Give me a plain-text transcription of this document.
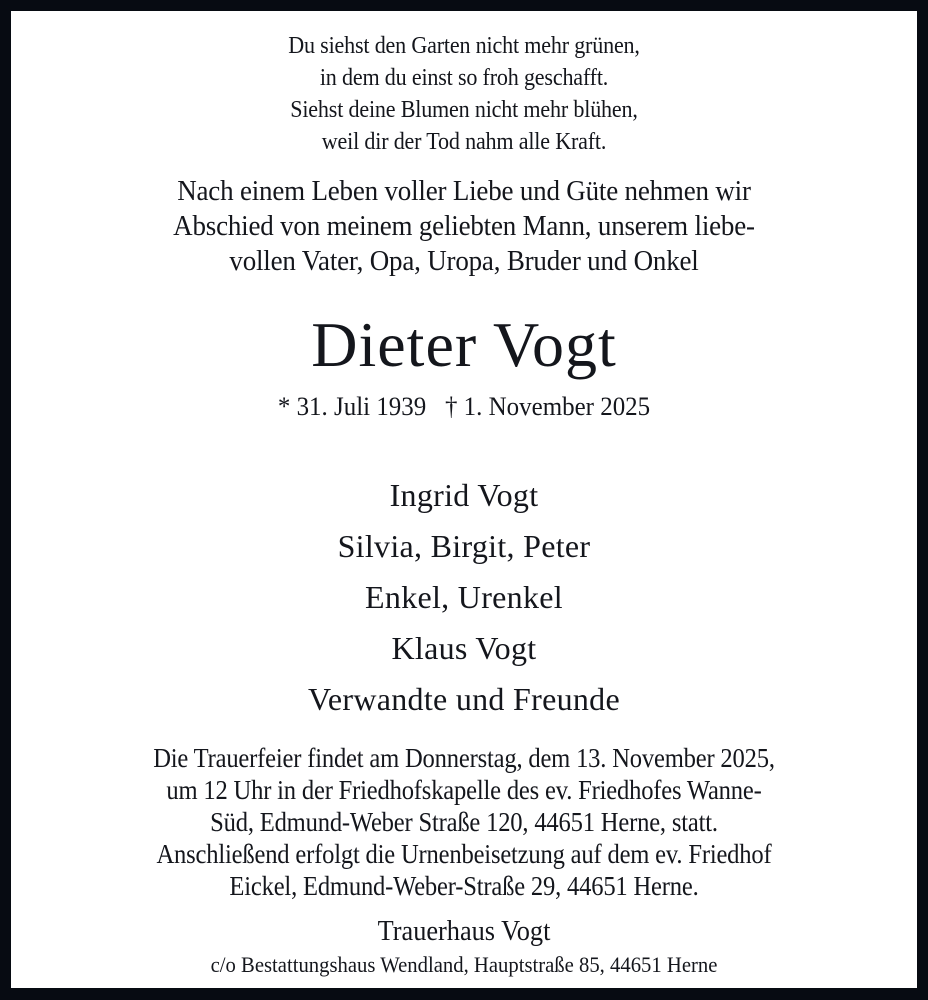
Du siehst den Garten nicht mehr grünen,
in dem du einst so froh geschafft.
Siehst deine Blumen nicht mehr blühen,
weil dir der Tod nahm alle Kraft.
Nach einem Leben voller Liebe und Güte nehmen wir
Abschied von meinem geliebten Mann, unserem liebe-
vollen Vater, Opa, Uropa, Bruder und Onkel
Dieter Vogt
* 31. Juli 1939   † 1. November 2025
Ingrid Vogt
Silvia, Birgit, Peter
Enkel, Urenkel
Klaus Vogt
Verwandte und Freunde
Die Trauerfeier findet am Donnerstag, dem 13. November 2025,
um 12 Uhr in der Friedhofskapelle des ev. Friedhofes Wanne-
Süd, Edmund-Weber Straße 120, 44651 Herne, statt.
Anschließend erfolgt die Urnenbeisetzung auf dem ev. Friedhof
Eickel, Edmund-Weber-Straße 29, 44651 Herne.
Trauerhaus Vogt
c/o Bestattungshaus Wendland, Hauptstraße 85, 44651 Herne
